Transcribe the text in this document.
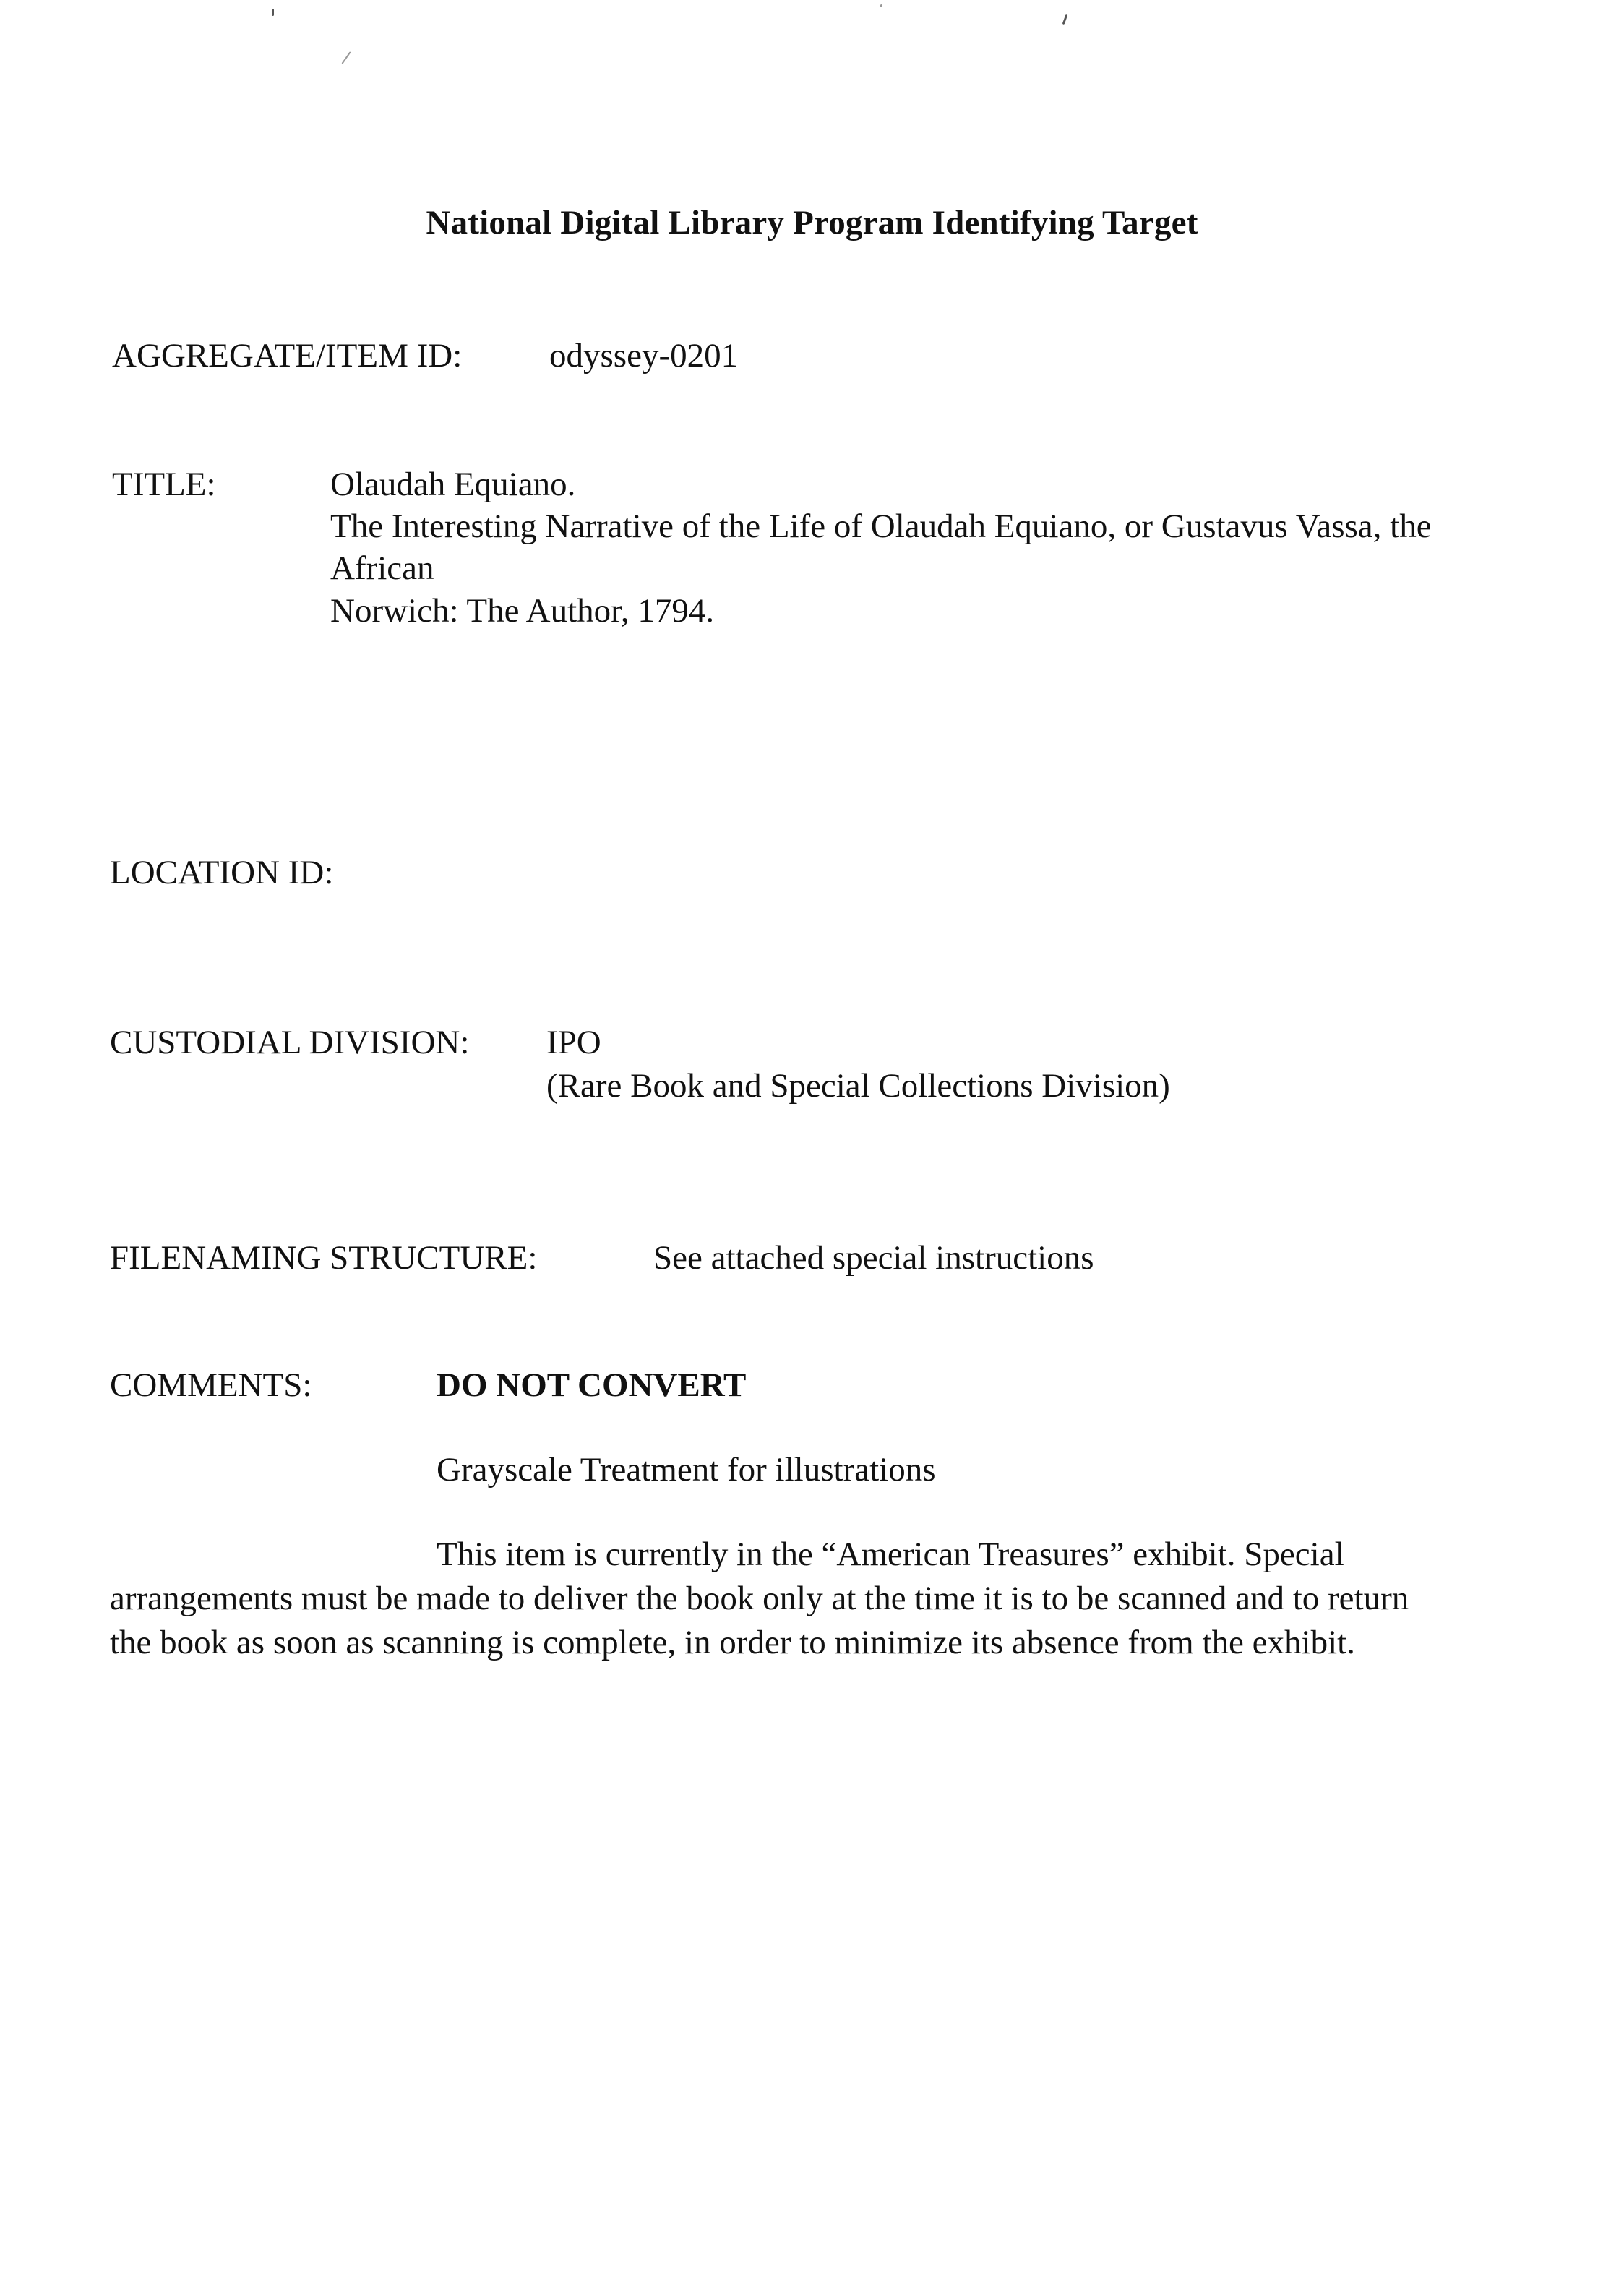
National Digital Library Program Identifying Target
AGGREGATE/ITEM ID:	odyssey-0201
TITLE:	Olaudah Equiano.
The Interesting Narrative of the Life of Olaudah Equiano, or Gustavus Vassa, the
African
Norwich: The Author, 1794.
LOCATION ID:
CUSTODIAL DIVISION: IPO
(Rare Book and Special Collections Division)
FILENAMING STRUCTURE:	See attached special instructions
COMMENTS:	DO NOT CONVERT
Grayscale Treatment for illustrations
This item is currently in the “American Treasures” exhibit. Special
arrangements must be made to deliver the book only at the time it is to be scanned and to return
the book as soon as scanning is complete, in order to minimize its absence from the exhibit.
